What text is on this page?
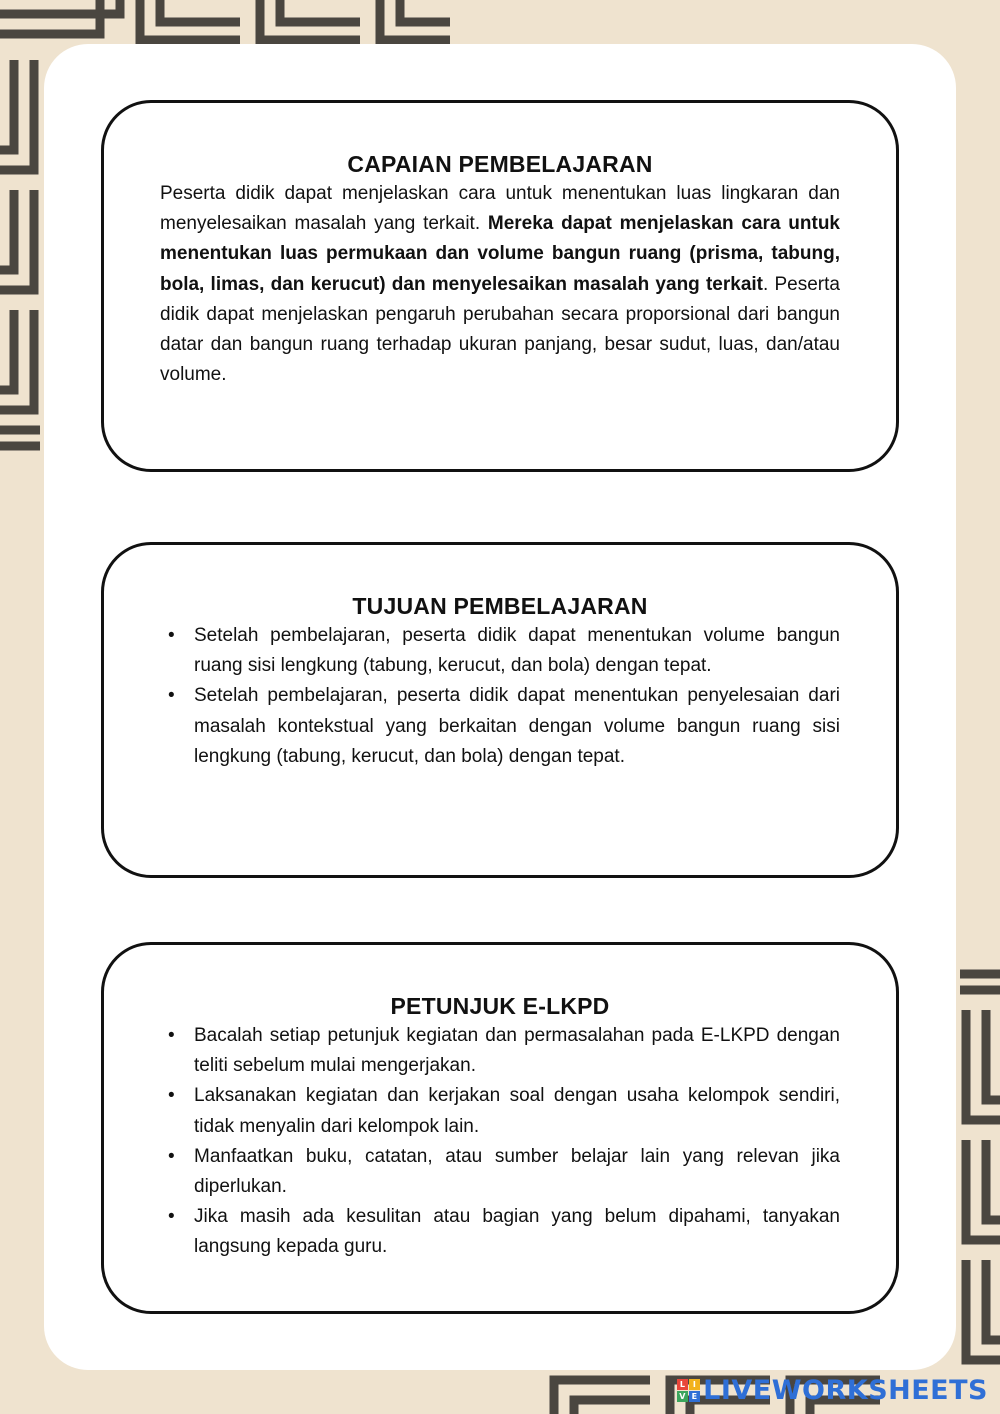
CAPAIAN PEMBELAJARAN

Peserta didik dapat menjelaskan cara untuk menentukan luas lingkaran dan menyelesaikan masalah yang terkait. Mereka dapat menjelaskan cara untuk menentukan luas permukaan dan volume bangun ruang (prisma, tabung, bola, limas, dan kerucut) dan menyelesaikan masalah yang terkait. Peserta didik dapat menjelaskan pengaruh perubahan secara proporsional dari bangun datar dan bangun ruang terhadap ukuran panjang, besar sudut, luas, dan/atau volume.

TUJUAN PEMBELAJARAN
• Setelah pembelajaran, peserta didik dapat menentukan volume bangun ruang sisi lengkung (tabung, kerucut, dan bola) dengan tepat.
• Setelah pembelajaran, peserta didik dapat menentukan penyelesaian dari masalah kontekstual yang berkaitan dengan volume bangun ruang sisi lengkung (tabung, kerucut, dan bola) dengan tepat.
PETUNJUK E-LKPD
• Bacalah setiap petunjuk kegiatan dan permasalahan pada E-LKPD dengan teliti sebelum mulai mengerjakan.
• Laksanakan kegiatan dan kerjakan soal dengan usaha kelompok sendiri, tidak menyalin dari kelompok lain.
• Manfaatkan buku, catatan, atau sumber belajar lain yang relevan jika diperlukan.
• Jika masih ada kesulitan atau bagian yang belum dipahami, tanyakan langsung kepada guru.
L I
V E LIVEWORKSHEETS
